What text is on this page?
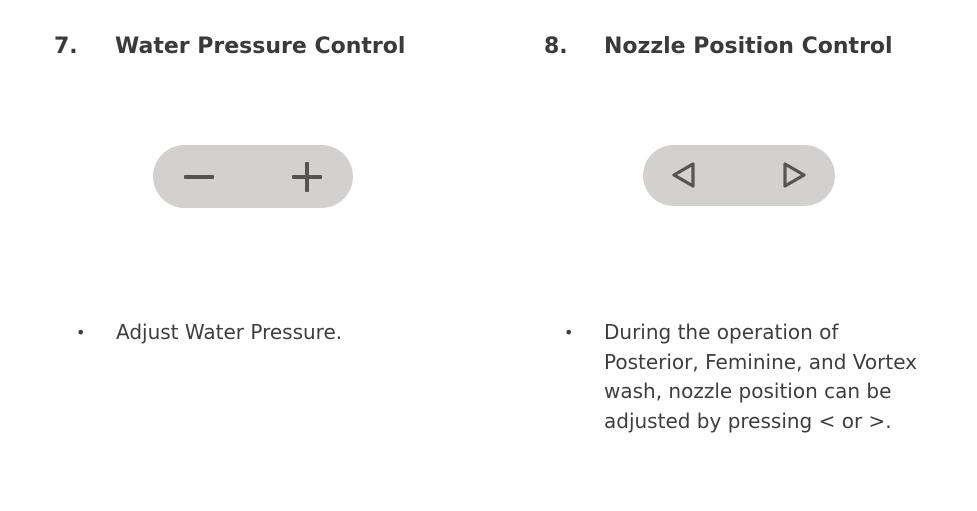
7. Water Pressure Control
• Adjust Water Pressure.
8. Nozzle Position Control
• During the operation of Posterior, Feminine, and Vortex wash, nozzle position can be adjusted by pressing < or >.
